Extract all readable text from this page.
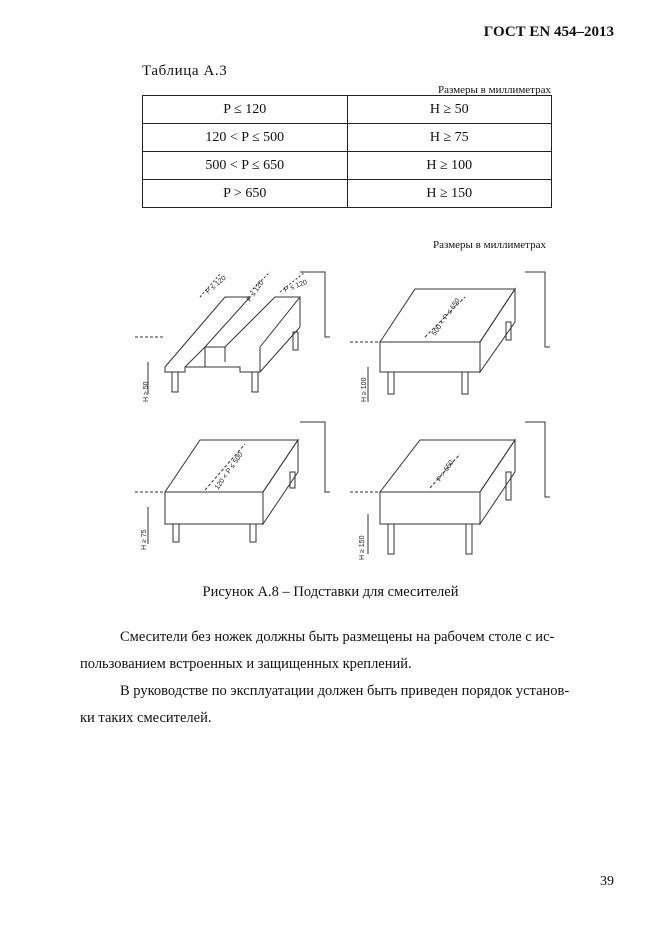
ГОСТ EN 454–2013
Таблица А.3
Размеры в миллиметрах
P ≤ 120	H ≥ 50
120 < P ≤ 500	H ≥ 75
500 < P ≤ 650	H ≥ 100
P > 650	H ≥ 150
Размеры в миллиметрах
H ≥ 50
P ≤ 120	P ≤ 120	P ≤ 120
H ≥ 100
500 < P ≤ 650
H ≥ 75
120 < P ≤ 500
H ≥ 150
P > 650
Рисунок А.8 – Подставки для смесителей
Смесители без ножек должны быть размещены на рабочем столе с ис-
пользованием встроенных и защищенных креплений.
В руководстве по эксплуатации должен быть приведен порядок установ-
ки таких смесителей.
39
